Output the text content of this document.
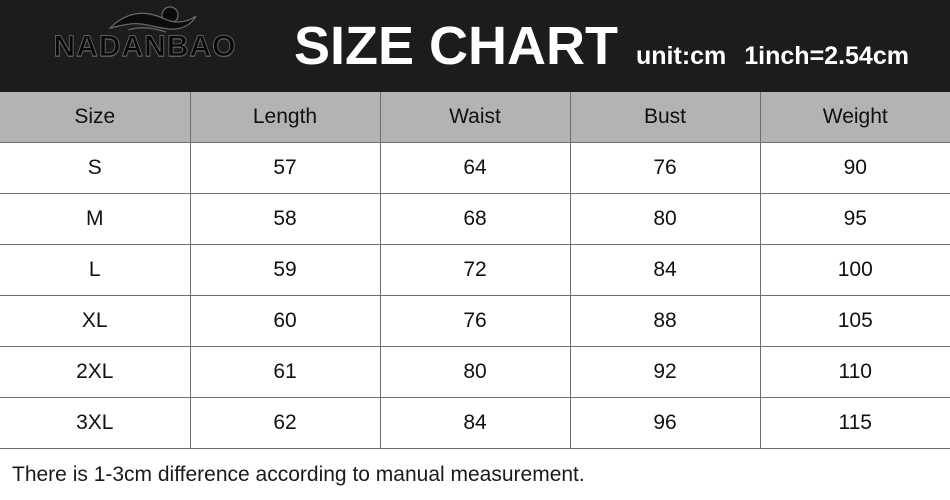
NADANBAO	SIZE CHART unit:cm 1inch=2.54cm
Size	Length	Waist	Bust	Weight
S	57	64	76	90
M	58	68	80	95
L	59	72	84	100
XL	60	76	88	105
2XL	61	80	92	110
3XL	62	84	96	115
There is 1-3cm difference according to manual measurement.
